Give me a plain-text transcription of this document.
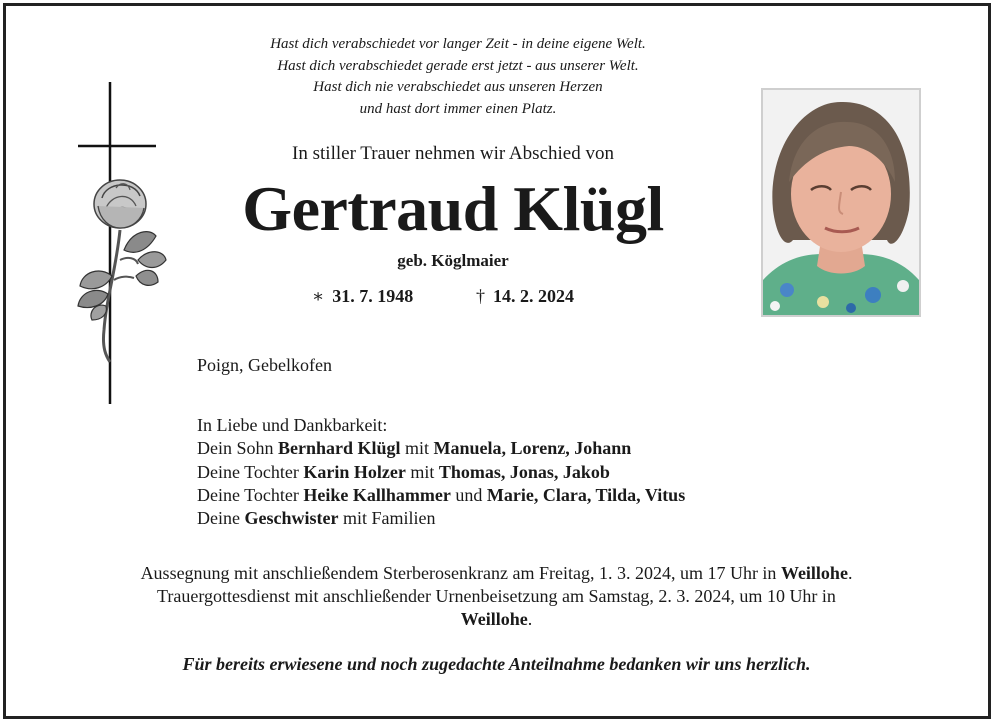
Hast dich verabschiedet vor langer Zeit - in deine eigene Welt.
Hast dich verabschiedet gerade erst jetzt - aus unserer Welt.
Hast dich nie verabschiedet aus unseren Herzen
und hast dort immer einen Platz.
In stiller Trauer nehmen wir Abschied von
Gertraud Klügl
geb. Köglmaier
∗ 31. 7. 1948	† 14. 2. 2024
Poign, Gebelkofen
In Liebe und Dankbarkeit:
Dein Sohn Bernhard Klügl mit Manuela, Lorenz, Johann
Deine Tochter Karin Holzer mit Thomas, Jonas, Jakob
Deine Tochter Heike Kallhammer und Marie, Clara, Tilda, Vitus
Deine Geschwister mit Familien
Aussegnung mit anschließendem Sterberosenkranz am Freitag, 1. 3. 2024, um 17 Uhr in Weillohe.
Trauergottesdienst mit anschließender Urnenbeisetzung am Samstag, 2. 3. 2024, um 10 Uhr in
Weillohe.
Für bereits erwiesene und noch zugedachte Anteilnahme bedanken wir uns herzlich.
